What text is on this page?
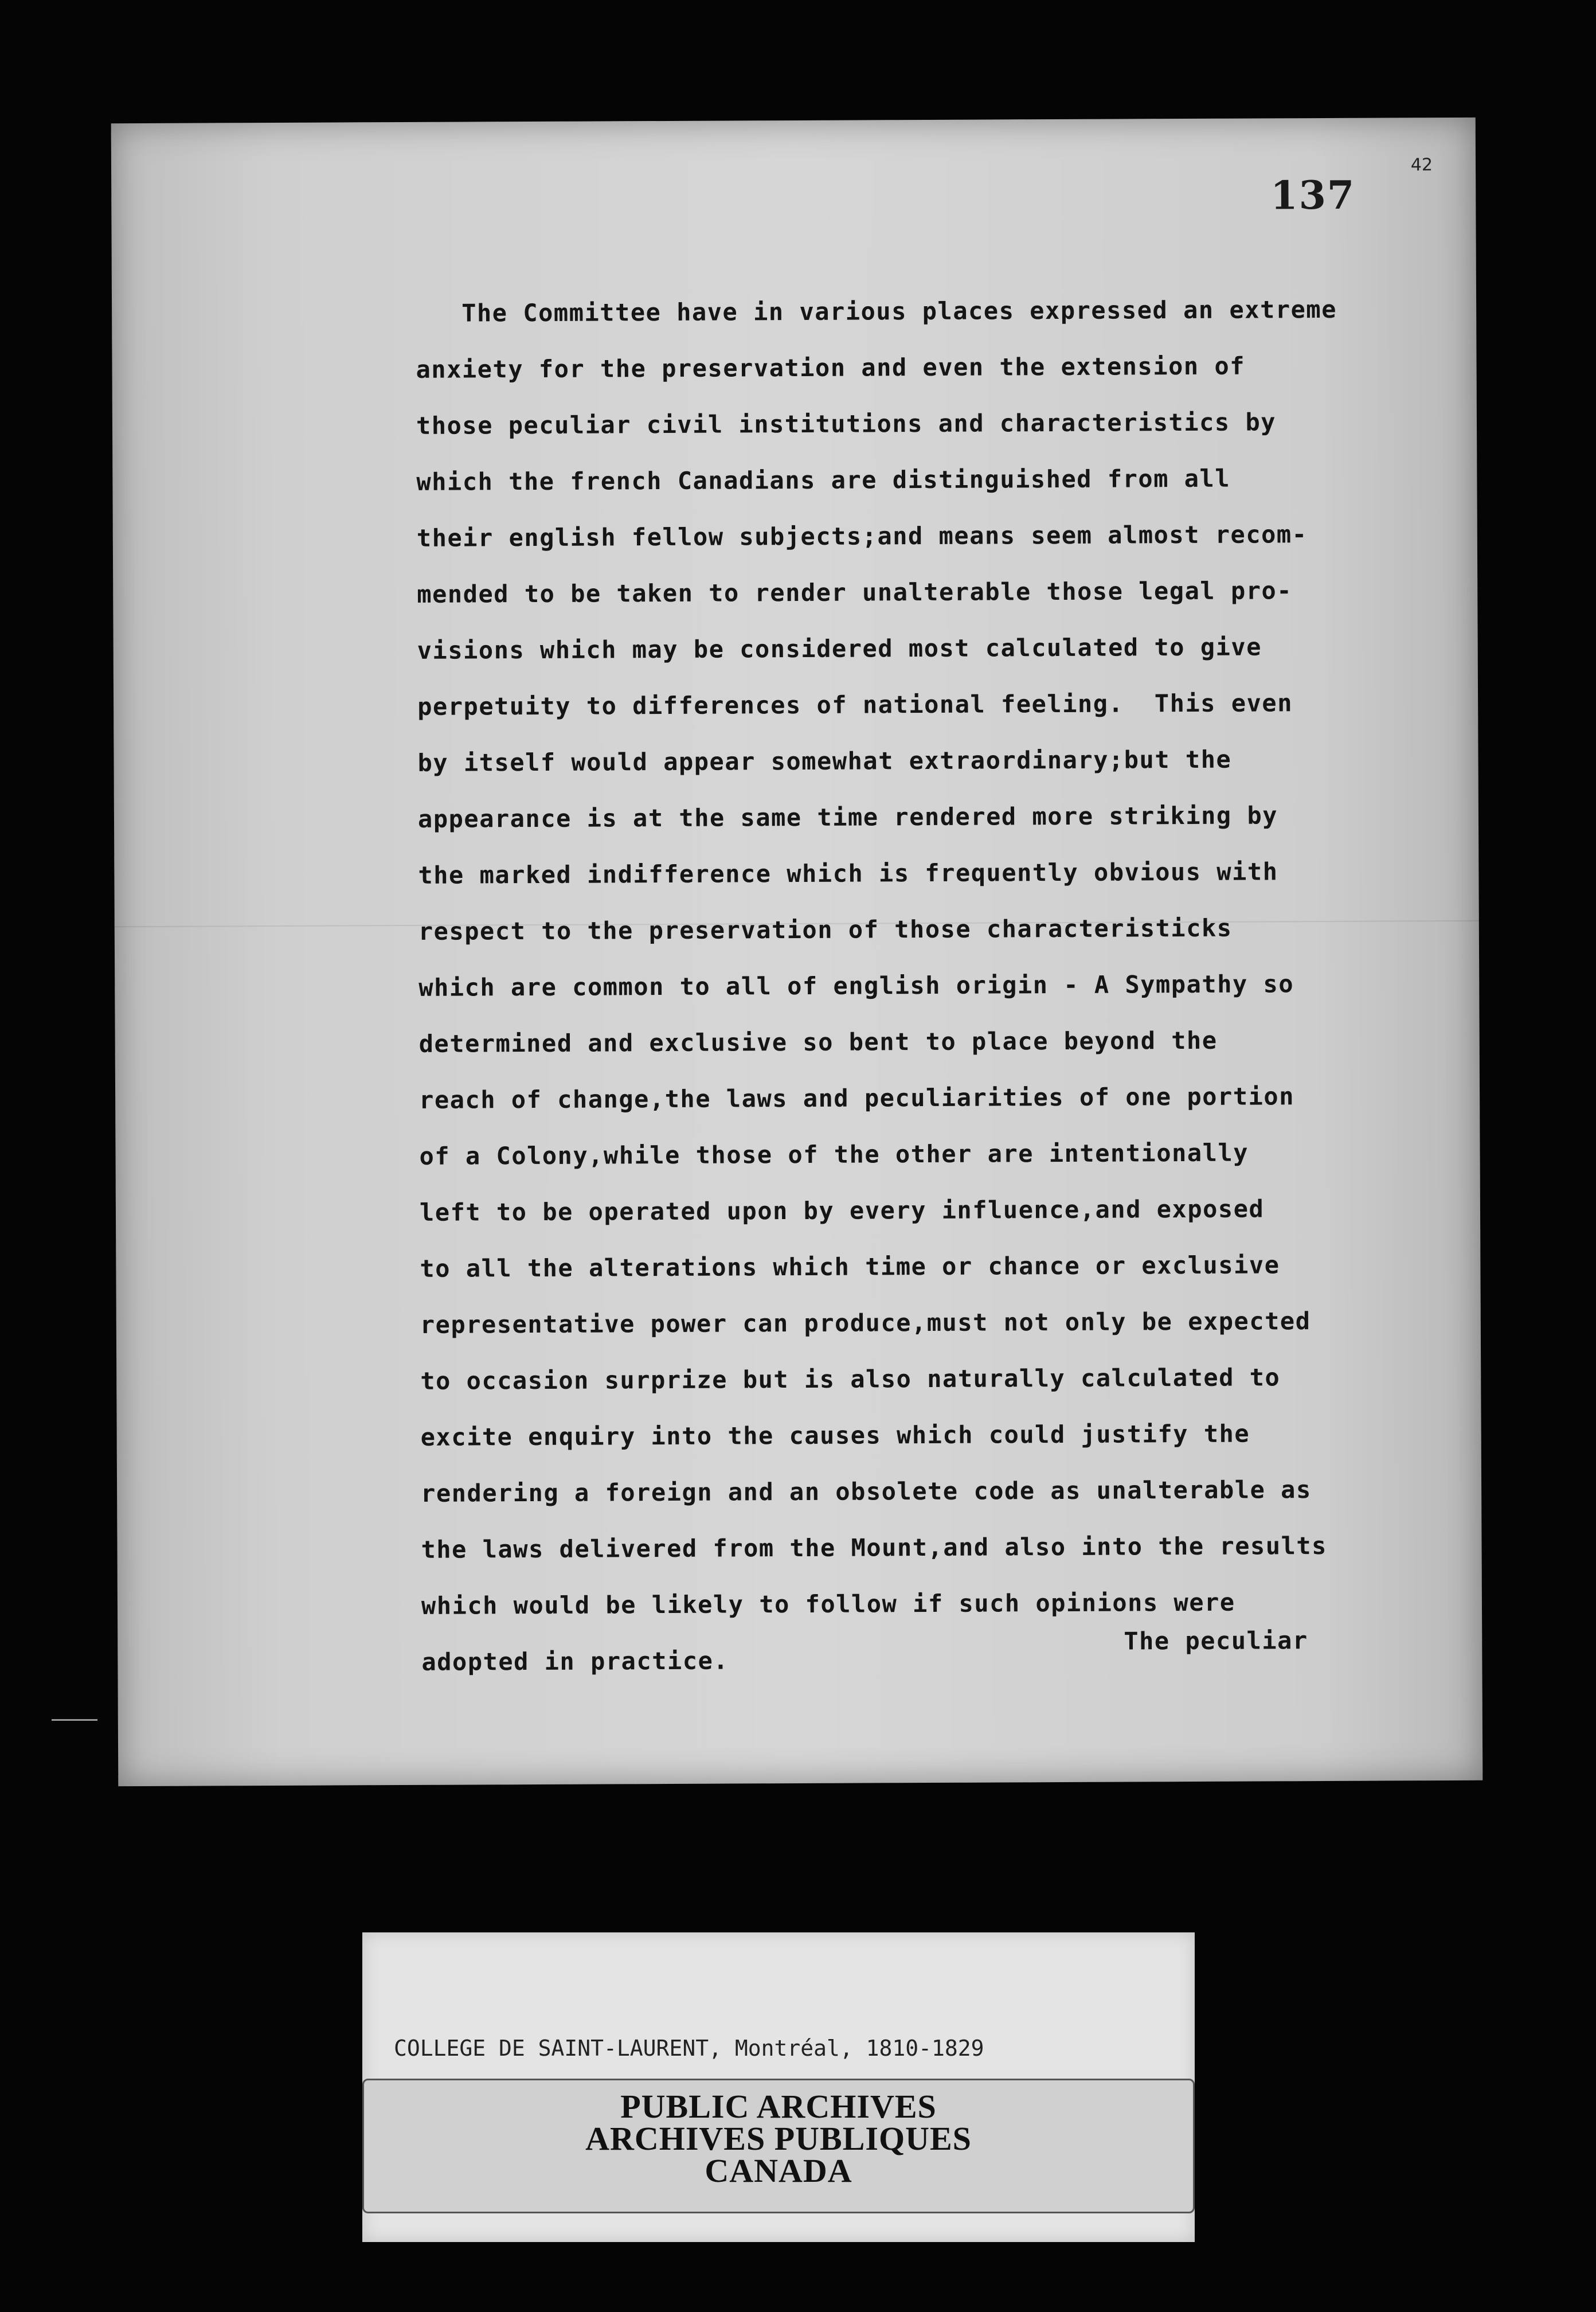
42
137
The Committee have in various places expressed an extreme
anxiety for the preservation and even the extension of
those peculiar civil institutions and characteristics by
which the french Canadians are distinguished from all
their english fellow subjects;and means seem almost recom-
mended to be taken to render unalterable those legal pro-
visions which may be considered most calculated to give
perpetuity to differences of national feeling.  This even
by itself would appear somewhat extraordinary;but the
appearance is at the same time rendered more striking by
the marked indifference which is frequently obvious with
respect to the preservation of those characteristicks
which are common to all of english origin - A Sympathy so
determined and exclusive so bent to place beyond the
reach of change,the laws and peculiarities of one portion
of a Colony,while those of the other are intentionally
left to be operated upon by every influence,and exposed
to all the alterations which time or chance or exclusive
representative power can produce,must not only be expected
to occasion surprize but is also naturally calculated to
excite enquiry into the causes which could justify the
rendering a foreign and an obsolete code as unalterable as
the laws delivered from the Mount,and also into the results
which would be likely to follow if such opinions were
adopted in practice.
The peculiar

COLLEGE DE SAINT-LAURENT, Montréal, 1810-1829

PUBLIC ARCHIVES
ARCHIVES PUBLIQUES
CANADA
